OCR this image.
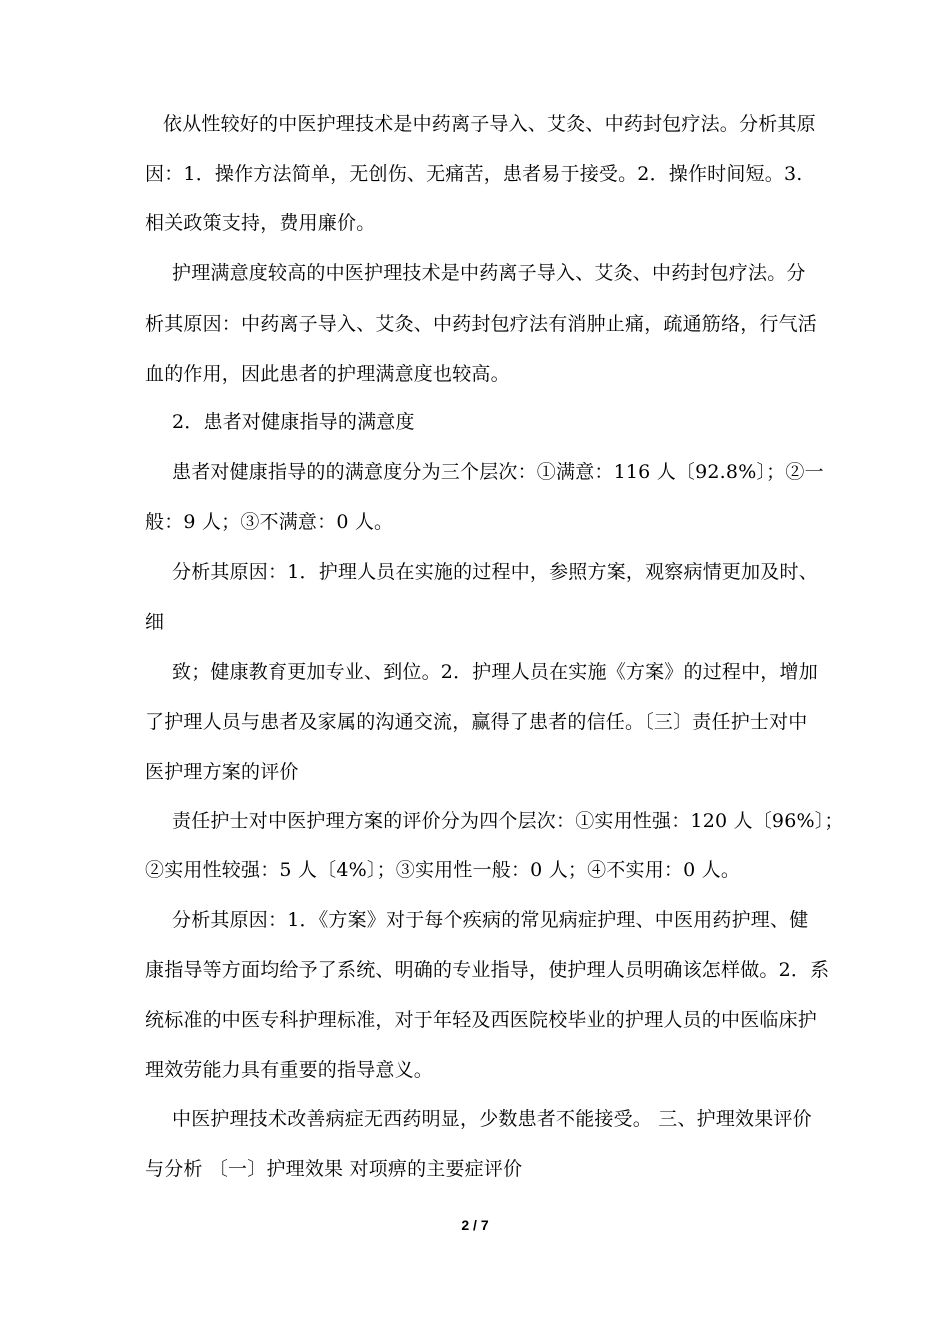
依从性较好的中医护理技术是中药离子导入、艾灸、中药封包疗法。分析其原
因：1．操作方法简单，无创伤、无痛苦，患者易于接受。2．操作时间短。3.
相关政策支持，费用廉价。
护理满意度较高的中医护理技术是中药离子导入、艾灸、中药封包疗法。分
析其原因：中药离子导入、艾灸、中药封包疗法有消肿止痛，疏通筋络，行气活
血的作用，因此患者的护理满意度也较高。
2．患者对健康指导的满意度
患者对健康指导的的满意度分为三个层次：①满意：116 人〔92.8%〕；②一
般：9 人；③不满意：0 人。
分析其原因：1．护理人员在实施的过程中，参照方案，观察病情更加及时、
细
致；健康教育更加专业、到位。2．护理人员在实施《方案》的过程中，增加
了护理人员与患者及家属的沟通交流，赢得了患者的信任。〔三〕责任护士对中
医护理方案的评价
责任护士对中医护理方案的评价分为四个层次：①实用性强：120 人〔96%〕；
②实用性较强：5 人〔4%〕；③实用性一般：0 人；④不实用：0 人。
分析其原因：1．《方案》对于每个疾病的常见病症护理、中医用药护理、健
康指导等方面均给予了系统、明确的专业指导，使护理人员明确该怎样做。2．系
统标准的中医专科护理标准，对于年轻及西医院校毕业的护理人员的中医临床护
理效劳能力具有重要的指导意义。
中医护理技术改善病症无西药明显，少数患者不能接受。 三、护理效果评价
与分析 〔一〕护理效果 对项痹的主要症评价
2 / 7
